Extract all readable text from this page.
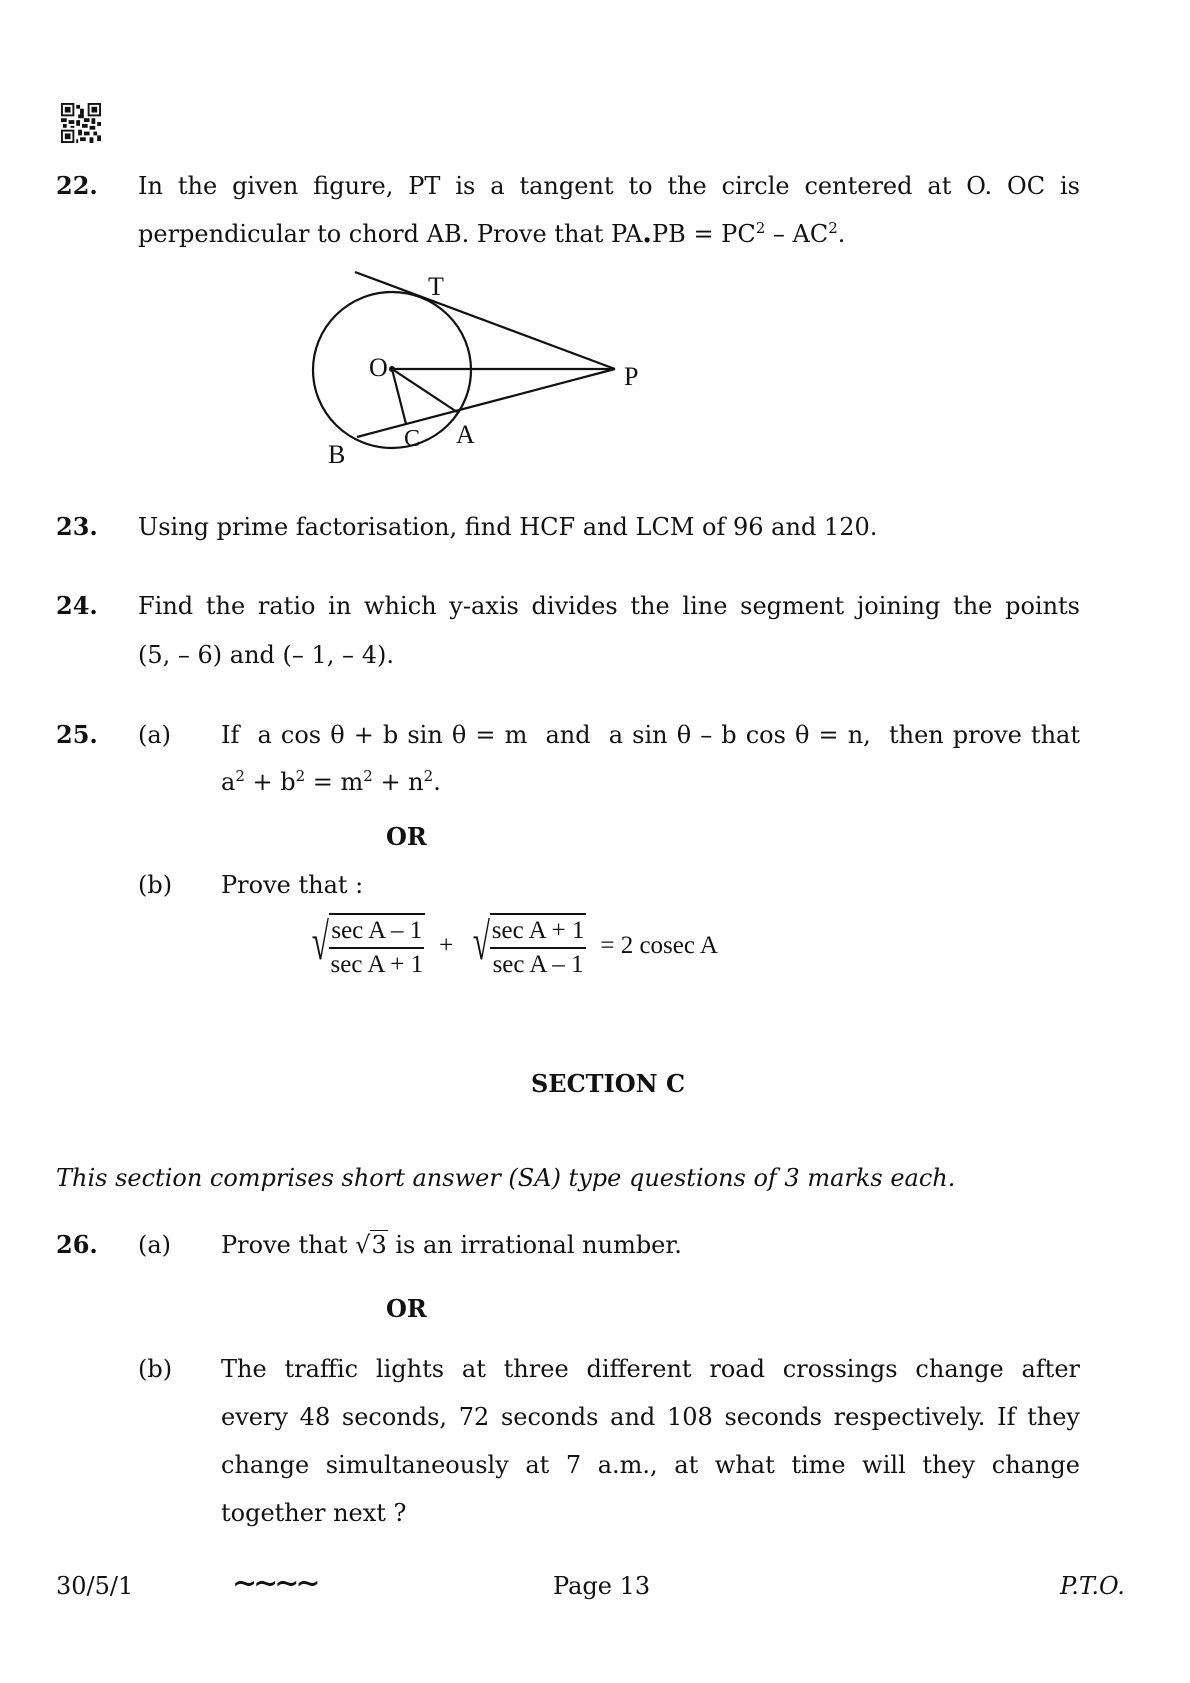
22. In the given figure, PT is a tangent to the circle centered at O. OC is
perpendicular to chord AB. Prove that $PA.PB = PC^2 - AC^2$.
T
O	P
B
C A
23. Using prime factorisation, find HCF and LCM of 96 and 120.
24. Find the ratio in which y-axis divides the line segment joining the points
(5, – 6) and (– 1, – 4).
25. (a) If  a cos θ + b sin θ = m  and  a sin θ – b cos θ = n,  then prove that
$a^2 + b^2 = m^2 + n^2$.
OR
(b) Prove that :
√ $\frac{\text{sec A – 1}}{\text{sec A + 1}}$ + √ $\frac{\text{sec A + 1}}{\text{sec A – 1}} = 2$ cosec A
SECTION C
This section comprises short answer (SA) type questions of 3 marks each.
26. (a) Prove that √3 is an irrational number.
OR
(b) The traffic lights at three different road crossings change after
every 48 seconds, 72 seconds and 108 seconds respectively. If they
change simultaneously at 7 a.m., at what time will they change
together next ?
30/5/1	∼∼∼∼	Page 13	P.T.O.
